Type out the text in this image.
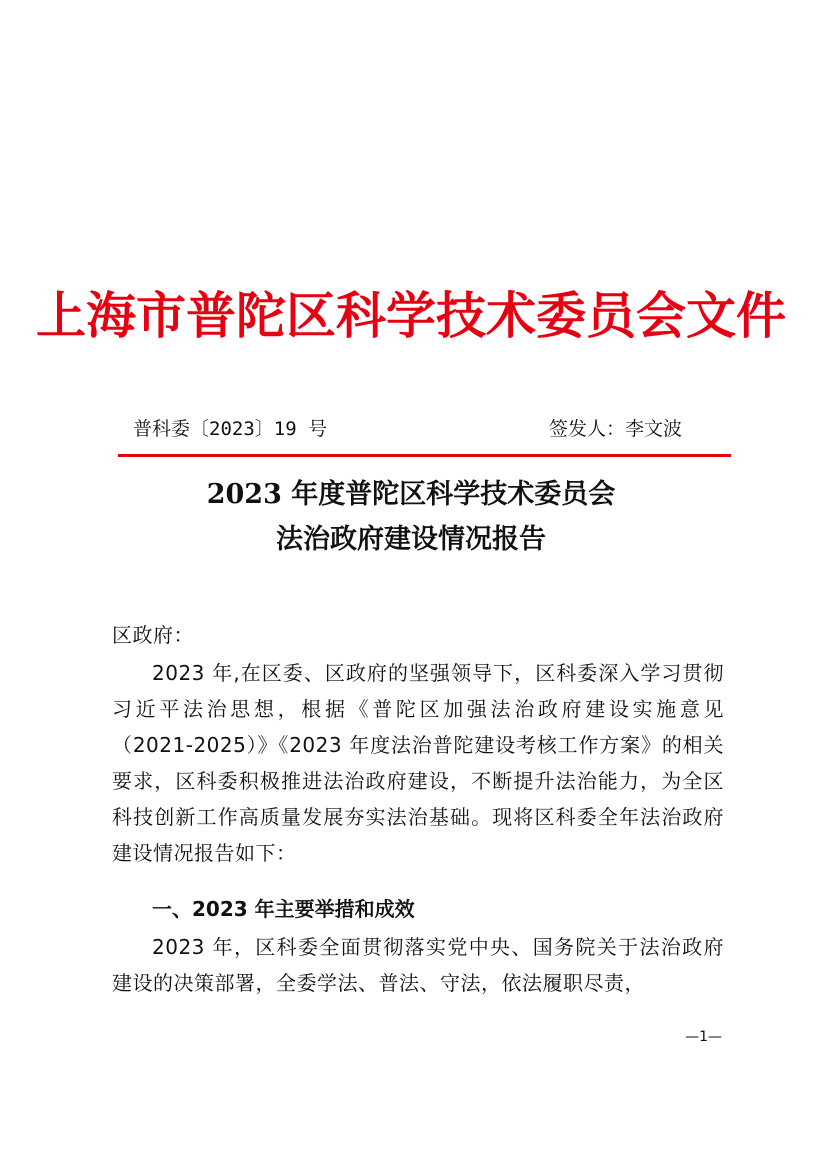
上海市普陀区科学技术委员会文件
普科委〔2023〕19 号	签发人：李文波
2023 年度普陀区科学技术委员会
法治政府建设情况报告
区政府：
2023 年,在区委、区政府的坚强领导下，区科委深入学习贯彻习近平法治思想，根据《普陀区加强法治政府建设实施意见（2021-2025）》《2023 年度法治普陀建设考核工作方案》的相关要求，区科委积极推进法治政府建设，不断提升法治能力，为全区科技创新工作高质量发展夯实法治基础。现将区科委全年法治政府建设情况报告如下：
一、2023 年主要举措和成效
2023 年，区科委全面贯彻落实党中央、国务院关于法治政府建设的决策部署，全委学法、普法、守法，依法履职尽责，
—1—
